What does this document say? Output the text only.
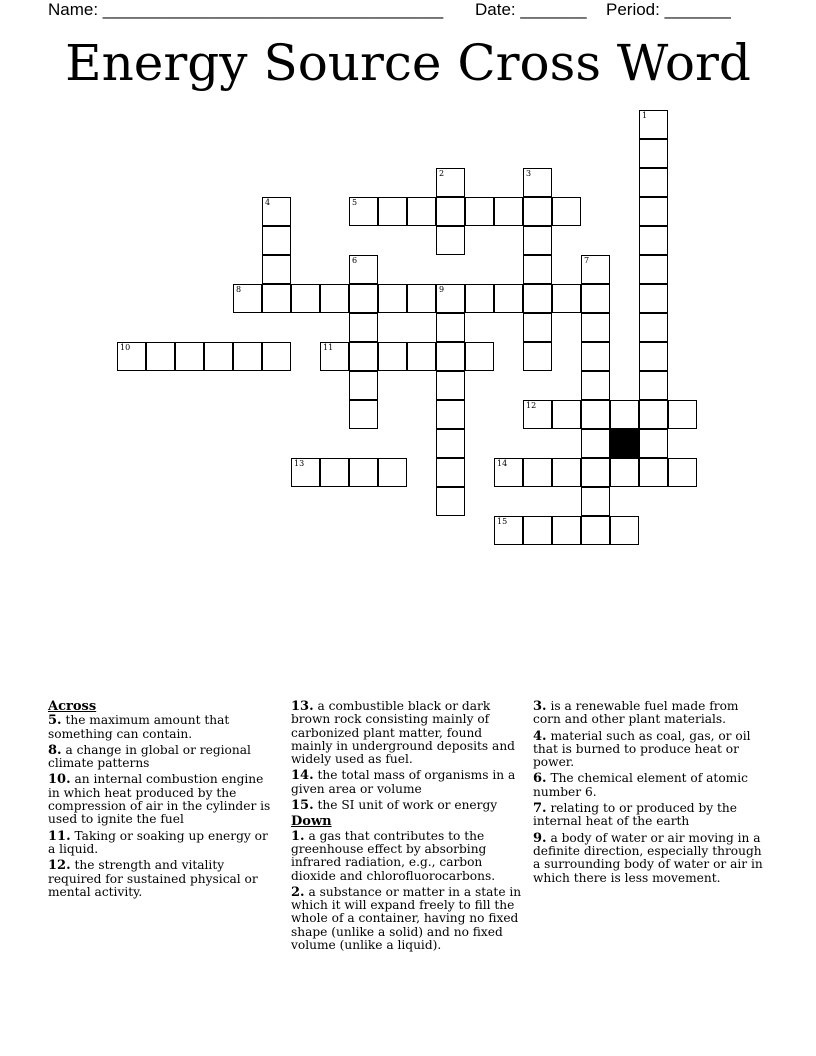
Name: ____________________________________ Date: _______ Period: _______
Energy Source Cross Word
5
8	9
10	11
12
13	14
15
1
2	3
4
6	7
Across
5. the maximum amount that something can contain.
8. a change in global or regional climate patterns
10. an internal combustion engine in which heat produced by the compression of air in the cylinder is used to ignite the fuel
11. Taking or soaking up energy or a liquid.
12. the strength and vitality required for sustained physical or mental activity.
13. a combustible black or dark brown rock consisting mainly of carbonized plant matter, found mainly in underground deposits and widely used as fuel.
14. the total mass of organisms in a given area or volume
15. the SI unit of work or energy
Down
1. a gas that contributes to the greenhouse effect by absorbing infrared radiation, e.g., carbon dioxide and chlorofluorocarbons.
2. a substance or matter in a state in which it will expand freely to fill the whole of a container, having no fixed shape (unlike a solid) and no fixed volume (unlike a liquid).
3. is a renewable fuel made from corn and other plant materials.
4. material such as coal, gas, or oil that is burned to produce heat or power.
6. The chemical element of atomic number 6.
7. relating to or produced by the internal heat of the earth
9. a body of water or air moving in a definite direction, especially through a surrounding body of water or air in which there is less movement.
